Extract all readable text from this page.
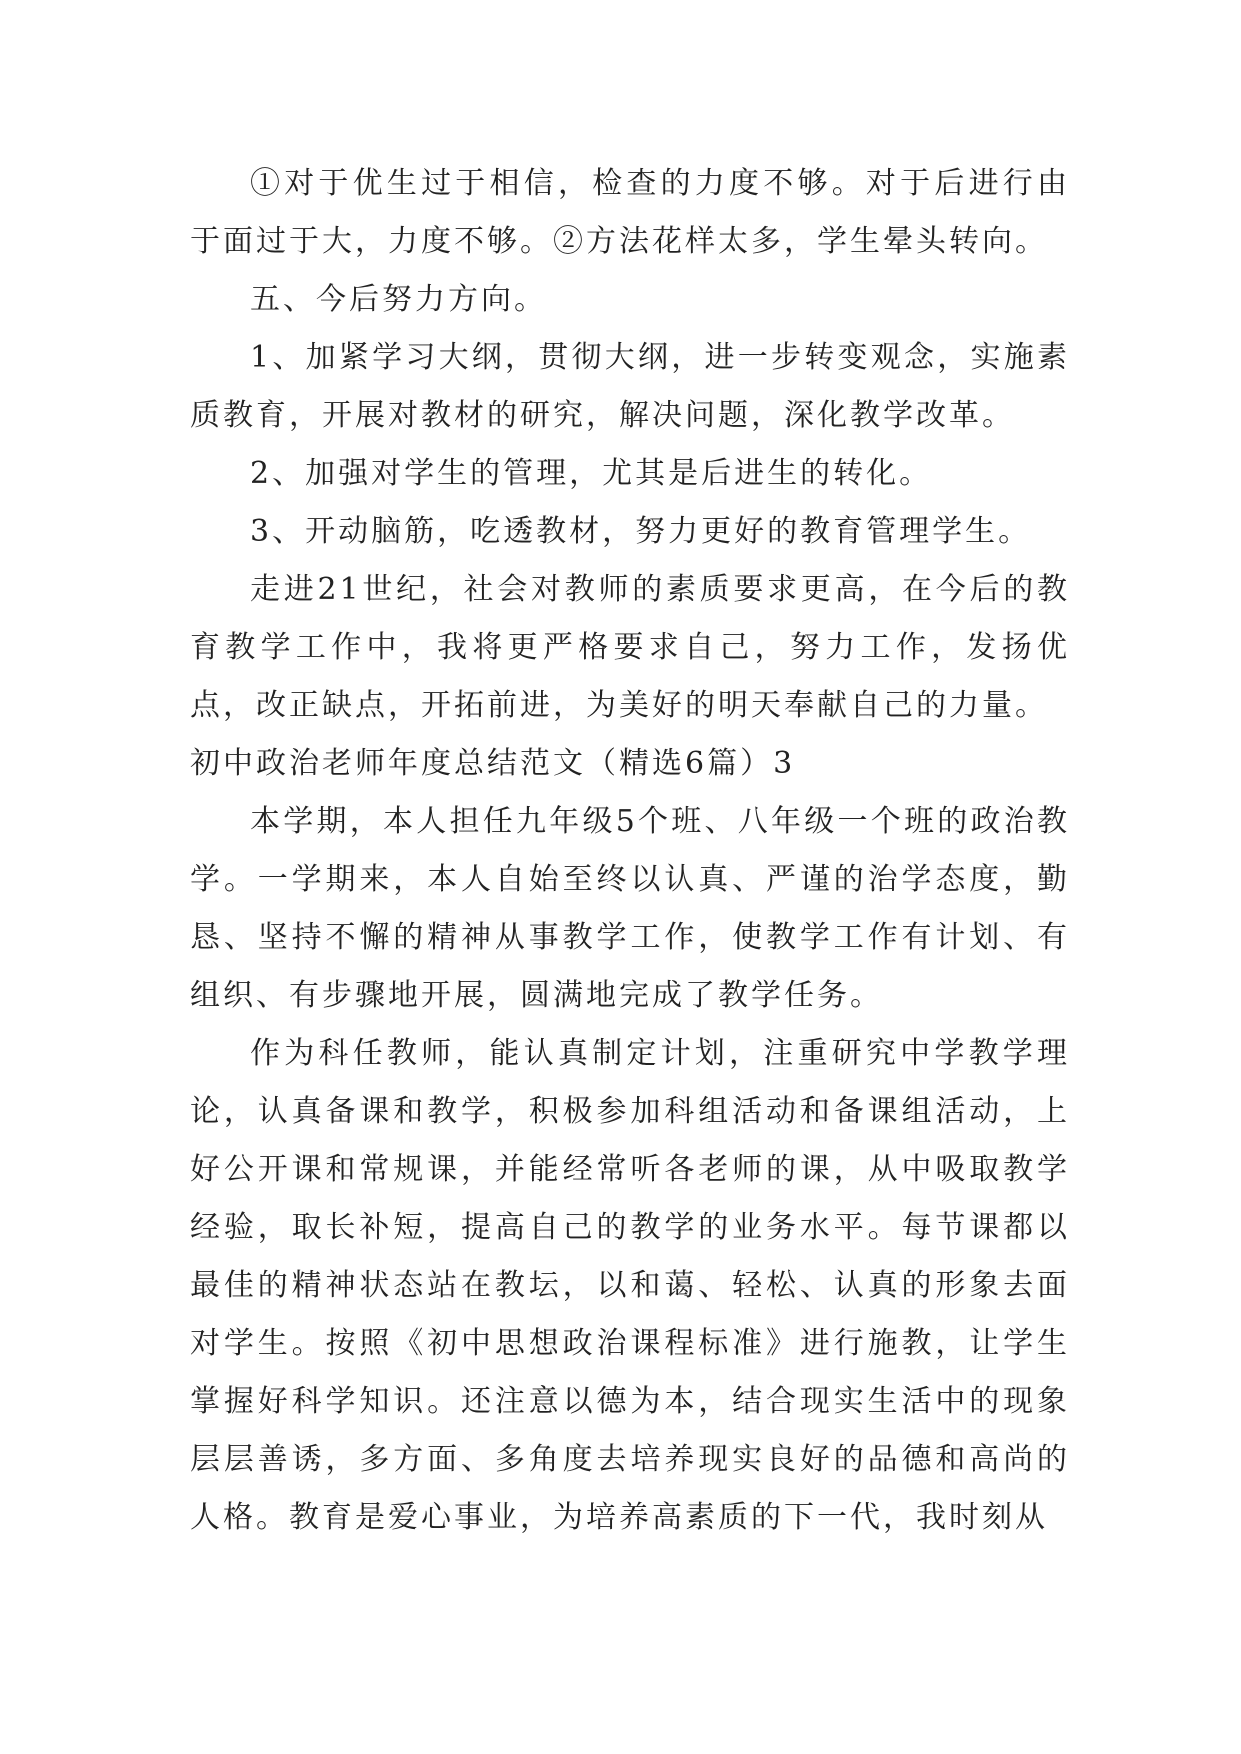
①对于优生过于相信，检查的力度不够。对于后进行由于面过于大，力度不够。②方法花样太多，学生晕头转向。

五、今后努力方向。

1、加紧学习大纲，贯彻大纲，进一步转变观念，实施素质教育，开展对教材的研究，解决问题，深化教学改革。

2、加强对学生的管理，尤其是后进生的转化。

3、开动脑筋，吃透教材，努力更好的教育管理学生。

走进21世纪，社会对教师的素质要求更高，在今后的教育教学工作中，我将更严格要求自己，努力工作，发扬优点，改正缺点，开拓前进，为美好的明天奉献自己的力量。

初中政治老师年度总结范文（精选6篇）3

本学期，本人担任九年级5个班、八年级一个班的政治教学。一学期来，本人自始至终以认真、严谨的治学态度，勤恳、坚持不懈的精神从事教学工作，使教学工作有计划、有组织、有步骤地开展，圆满地完成了教学任务。

作为科任教师，能认真制定计划，注重研究中学教学理论，认真备课和教学，积极参加科组活动和备课组活动，上好公开课和常规课，并能经常听各老师的课，从中吸取教学经验，取长补短，提高自己的教学的业务水平。每节课都以最佳的精神状态站在教坛，以和蔼、轻松、认真的形象去面对学生。按照《初中思想政治课程标准》进行施教，让学生掌握好科学知识。还注意以德为本，结合现实生活中的现象层层善诱，多方面、多角度去培养现实良好的品德和高尚的人格。教育是爱心事业，为培养高素质的下一代，我时刻从
